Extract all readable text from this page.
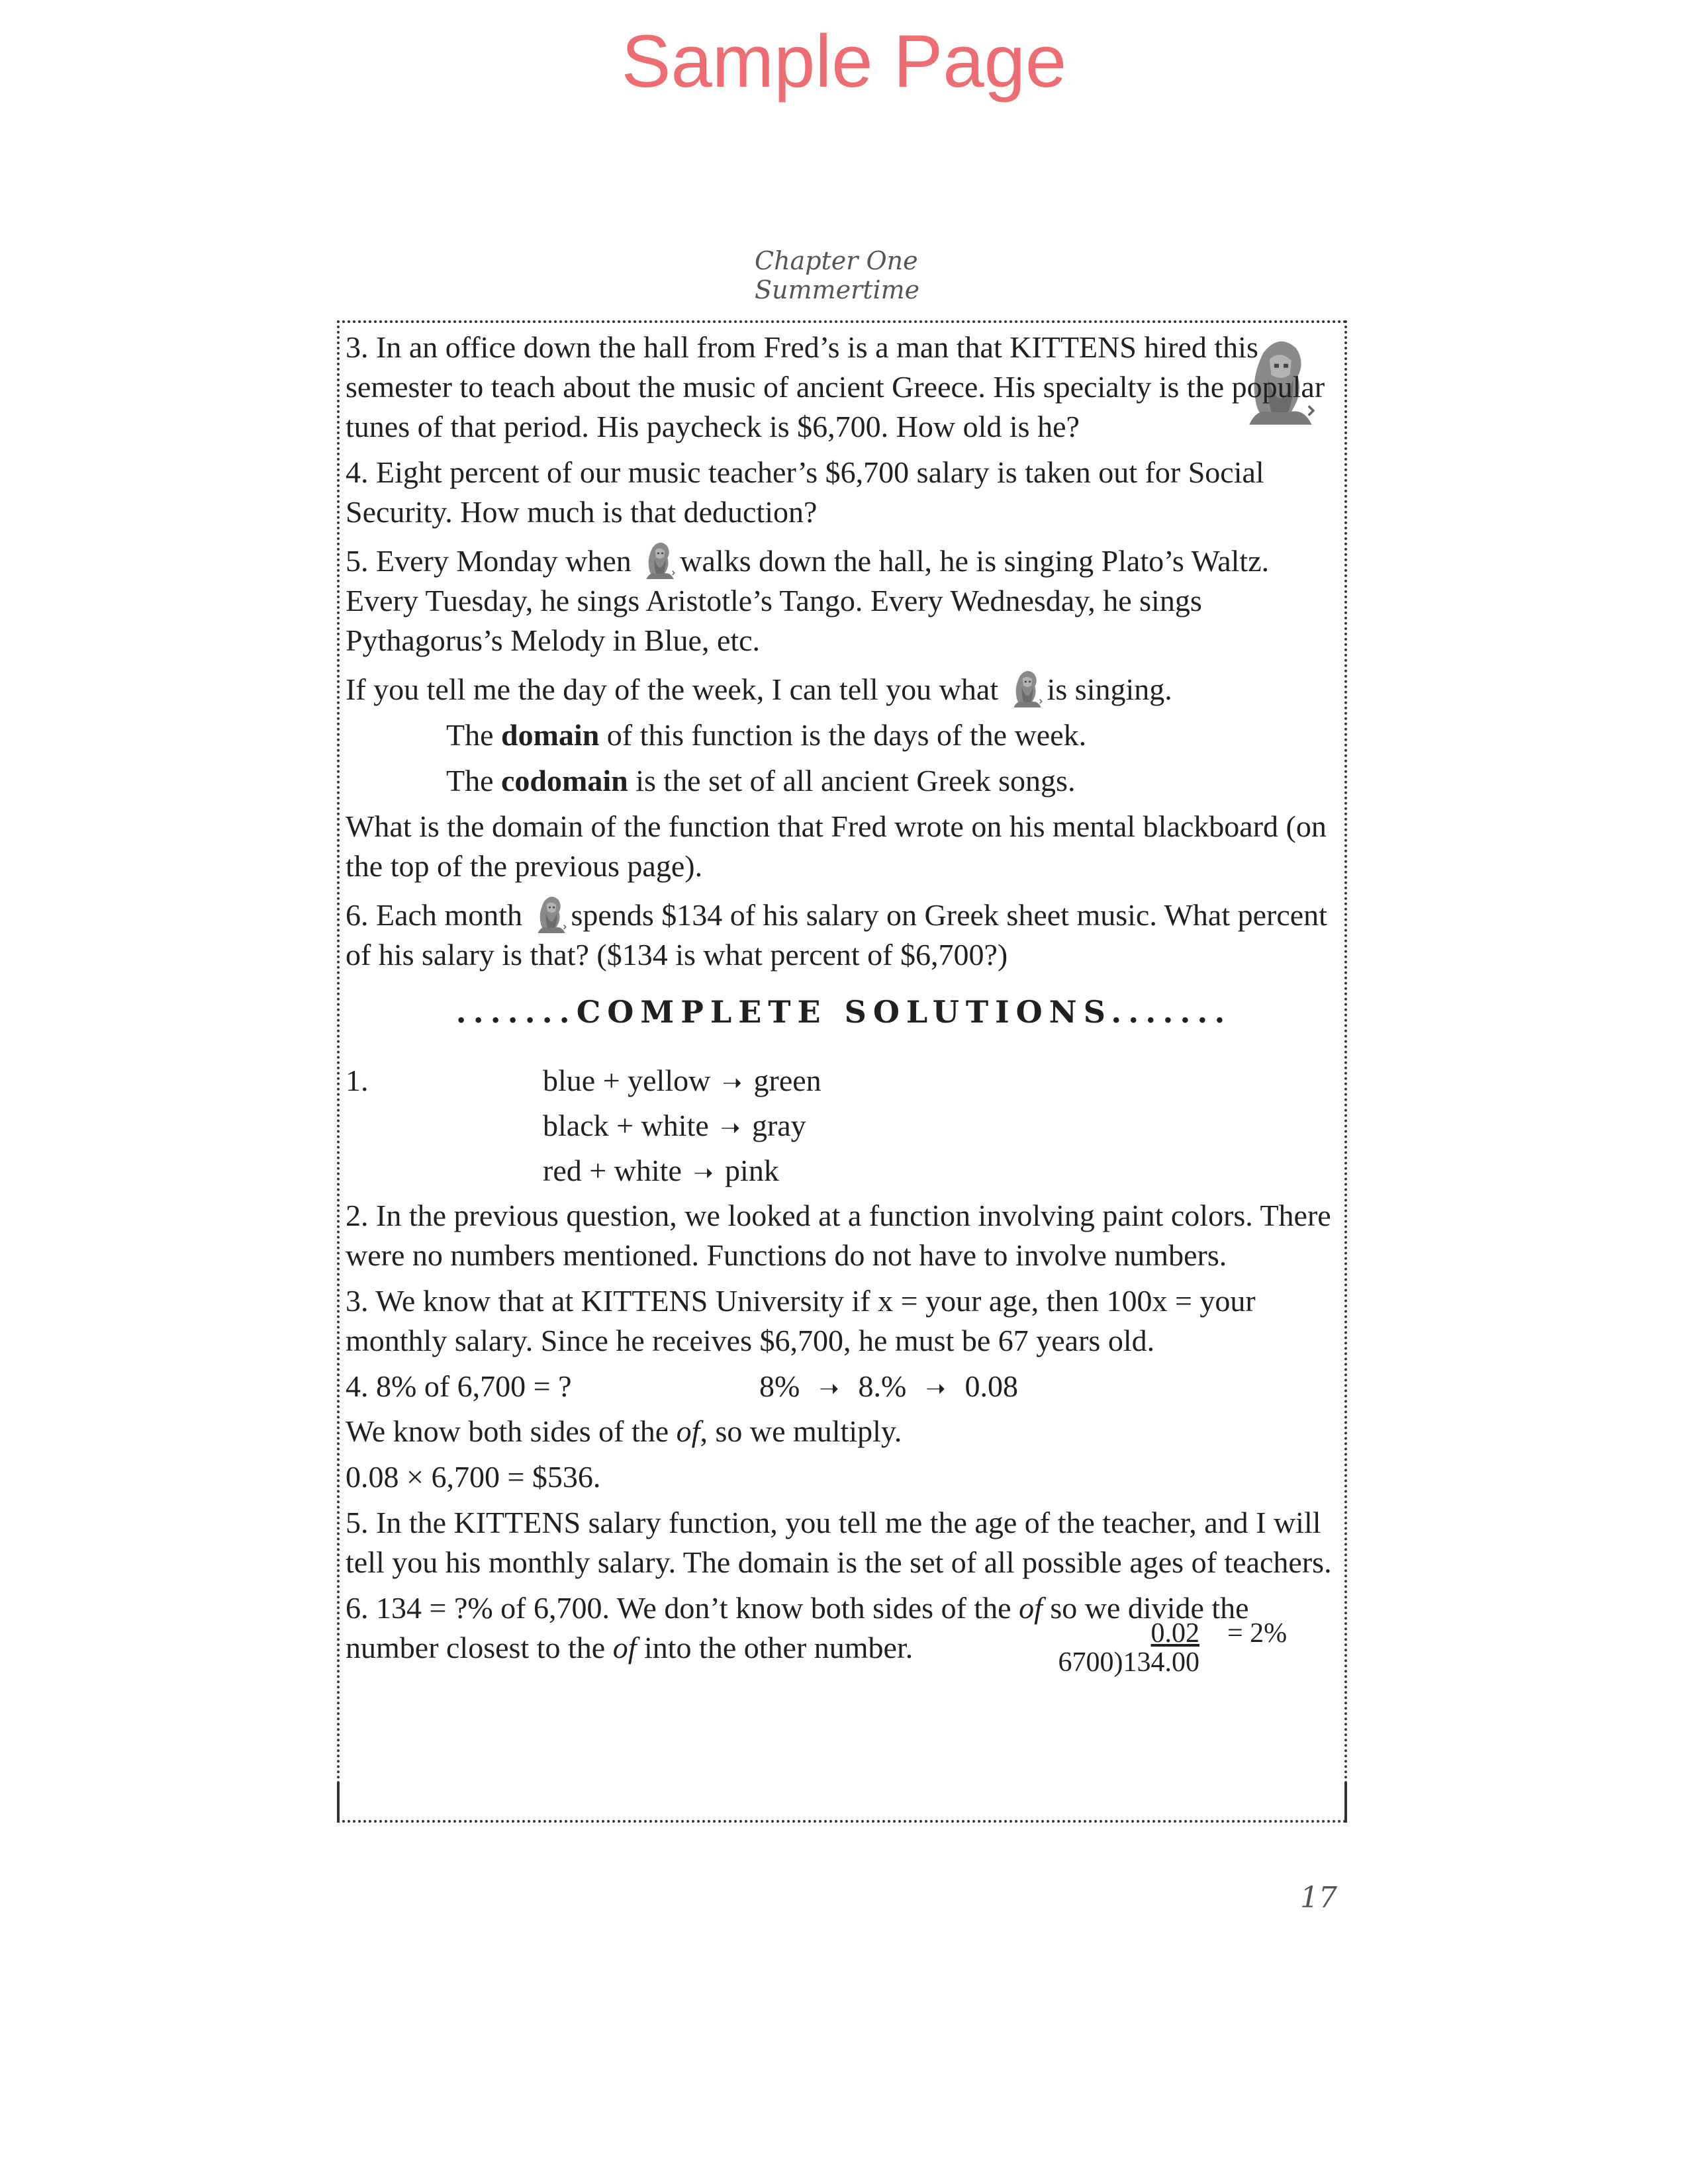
Sample Page
Chapter One  Summertime

3. In an office down the hall from Fred’s is a man that KITTENS hired this semester to teach about the music of ancient Greece. His specialty is the popular tunes of that period. His paycheck is $6,700. How old is he?

4. Eight percent of our music teacher’s $6,700 salary is taken out for Social Security. How much is that deduction?

5. Every Monday when walks down the hall, he is singing Plato’s Waltz. Every Tuesday, he sings Aristotle’s Tango. Every Wednesday, he sings Pythagorus’s Melody in Blue, etc.

If you tell me the day of the week, I can tell you what is singing.

The domain of this function is the days of the week.

The codomain is the set of all ancient Greek songs.

What is the domain of the function that Fred wrote on his mental blackboard (on the top of the previous page).

6. Each month spends $134 of his salary on Greek sheet music. What percent of his salary is that? ($134 is what percent of $6,700?)

.......COMPLETE SOLUTIONS.......
1.	blue + yellow ➝ green
black + white ➝ gray
red + white ➝ pink

2. In the previous question, we looked at a function involving paint colors. There were no numbers mentioned. Functions do not have to involve numbers.

3. We know that at KITTENS University if x = your age, then 100x = your monthly salary. Since he receives $6,700, he must be 67 years old.

4. 8% of 6,700 = ?	8% ➝ 8.% ➝ 0.08

We know both sides of the of, so we multiply.

0.08 × 6,700 = $536.

5. In the KITTENS salary function, you tell me the age of the teacher, and I will tell you his monthly salary. The domain is the set of all possible ages of teachers.

6. 134 = ?% of 6,700. We don’t know both sides of the of so we divide the number closest to the of into the other number.	0.02 = 2%

6700)134.00

17
